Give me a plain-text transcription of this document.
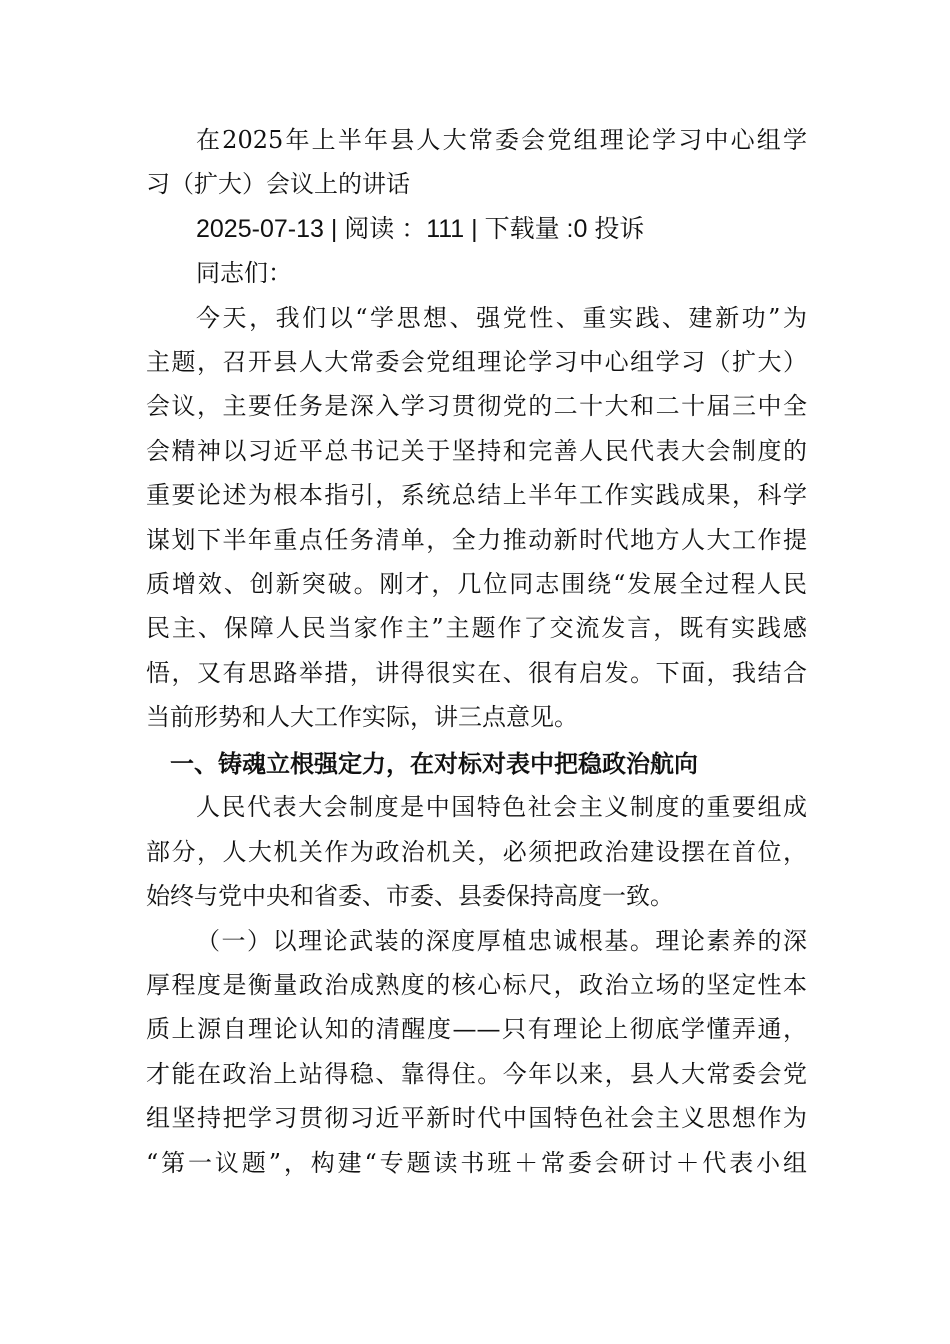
在2025年上半年县人大常委会党组理论学习中心组学
习（扩大）会议上的讲话
2025-07-13 | 阅读 ：111 | 下载量 :0 投诉
同志们：
今天，我们以“学思想、强党性、重实践、建新功”为
主题，召开县人大常委会党组理论学习中心组学习（扩大）
会议，主要任务是深入学习贯彻党的二十大和二十届三中全
会精神以习近平总书记关于坚持和完善人民代表大会制度的
重要论述为根本指引，系统总结上半年工作实践成果，科学
谋划下半年重点任务清单，全力推动新时代地方人大工作提
质增效、创新突破。刚才，几位同志围绕“发展全过程人民
民主、保障人民当家作主”主题作了交流发言，既有实践感
悟，又有思路举措，讲得很实在、很有启发。下面，我结合
当前形势和人大工作实际，讲三点意见。
一、铸魂立根强定力，在对标对表中把稳政治航向
人民代表大会制度是中国特色社会主义制度的重要组成
部分，人大机关作为政治机关，必须把政治建设摆在首位，
始终与党中央和省委、市委、县委保持高度一致。
（一）以理论武装的深度厚植忠诚根基。理论素养的深
厚程度是衡量政治成熟度的核心标尺，政治立场的坚定性本
质上源自理论认知的清醒度——只有理论上彻底学懂弄通，
才能在政治上站得稳、靠得住。今年以来，县人大常委会党
组坚持把学习贯彻习近平新时代中国特色社会主义思想作为
“第一议题”，构建“专题读书班＋常委会研讨＋代表小组
